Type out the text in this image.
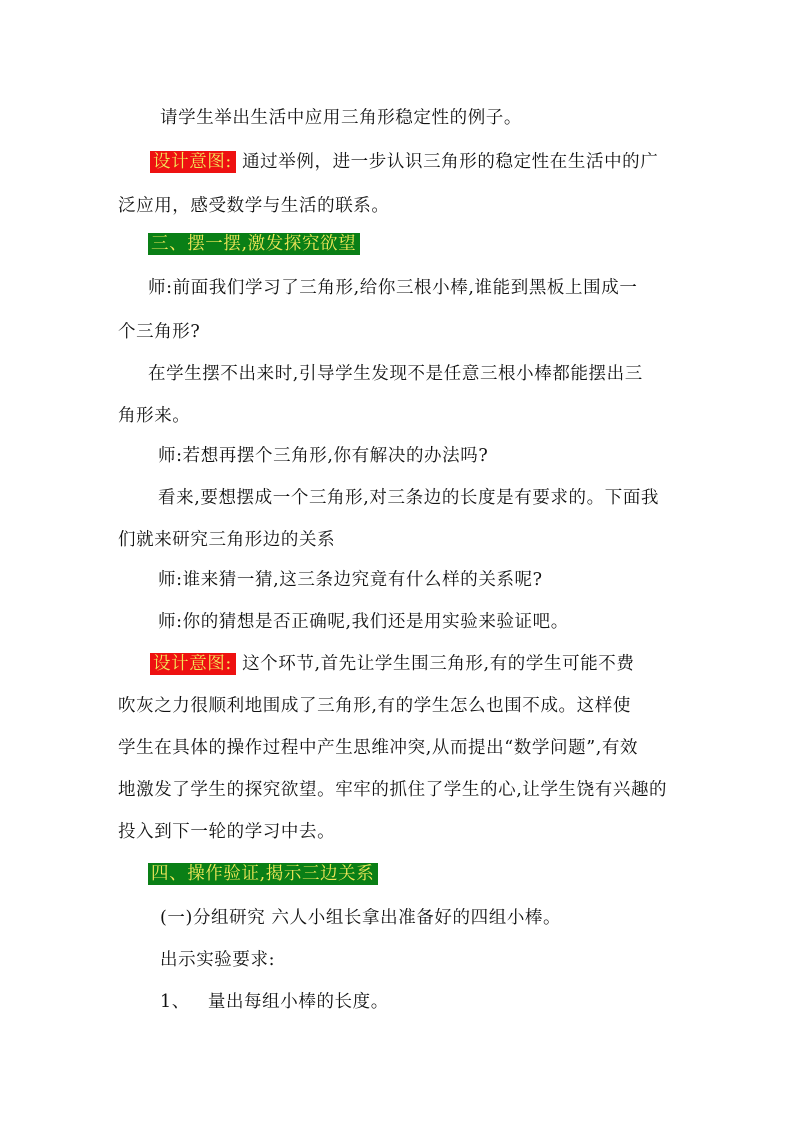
请学生举出生活中应用三角形稳定性的例子。
设计意图: 通过举例，进一步认识三角形的稳定性在生活中的广
泛应用，感受数学与生活的联系。
三、摆一摆,激发探究欲望
师:前面我们学习了三角形,给你三根小棒,谁能到黑板上围成一
个三角形?
在学生摆不出来时,引导学生发现不是任意三根小棒都能摆出三
角形来。
师:若想再摆个三角形,你有解决的办法吗?
看来,要想摆成一个三角形,对三条边的长度是有要求的。下面我
们就来研究三角形边的关系
师:谁来猜一猜,这三条边究竟有什么样的关系呢?
师:你的猜想是否正确呢,我们还是用实验来验证吧。
设计意图: 这个环节,首先让学生围三角形,有的学生可能不费
吹灰之力很顺利地围成了三角形,有的学生怎么也围不成。这样使
学生在具体的操作过程中产生思维冲突,从而提出“数学问题”,有效
地激发了学生的探究欲望。牢牢的抓住了学生的心,让学生饶有兴趣的
投入到下一轮的学习中去。
四、操作验证,揭示三边关系
(一)分组研究 六人小组长拿出准备好的四组小棒。
出示实验要求:
1、 量出每组小棒的长度。
